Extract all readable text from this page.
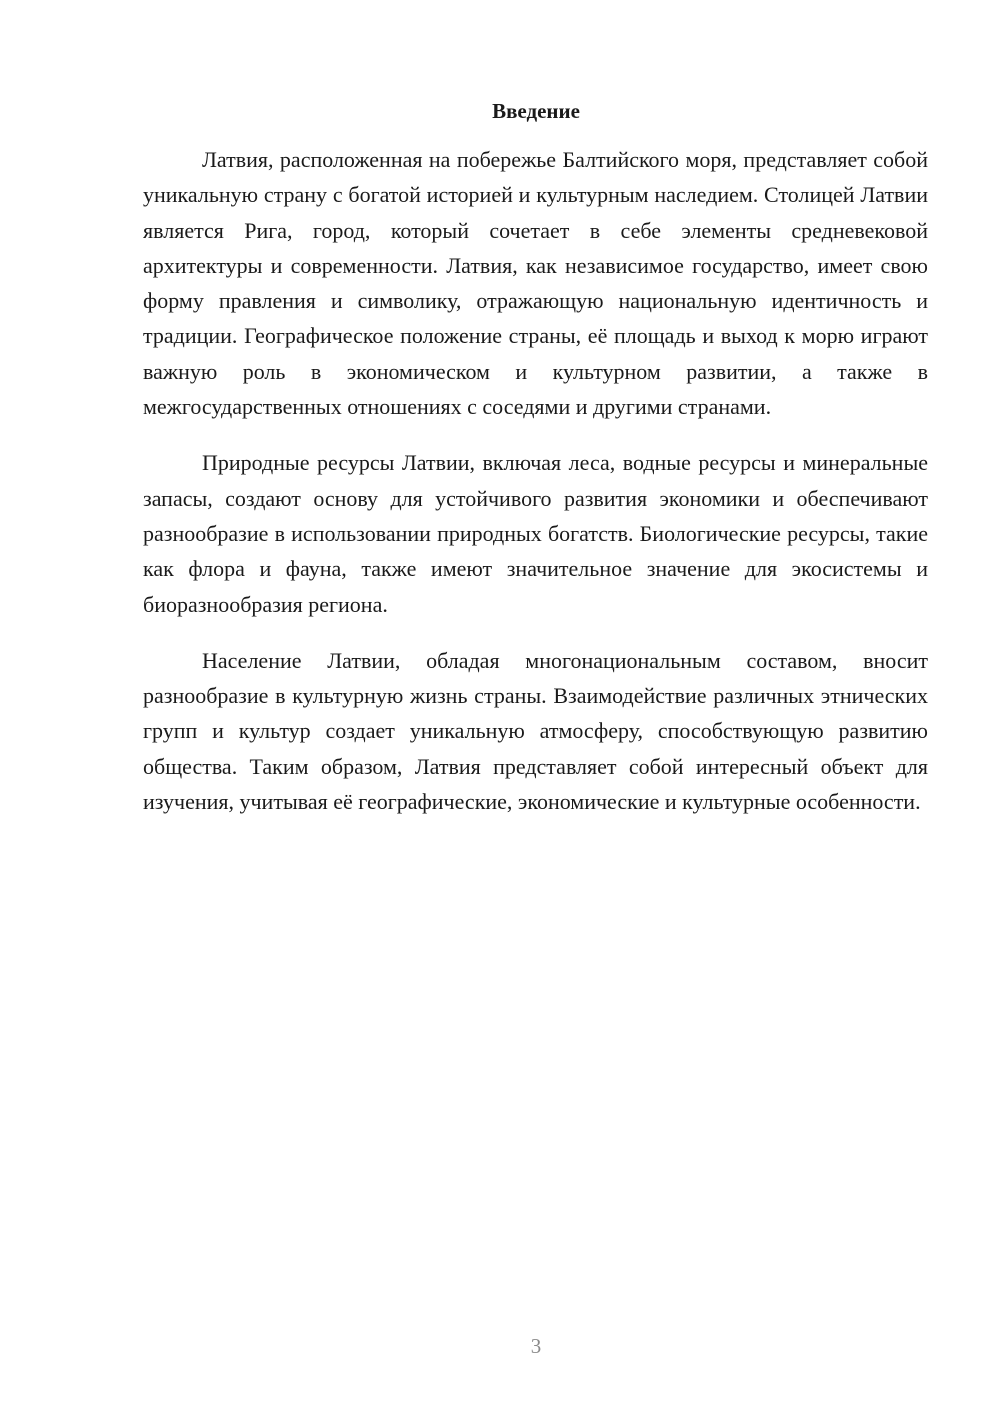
Введение

Латвия, расположенная на побережье Балтийского моря, представляет собой уникальную страну с богатой историей и культурным наследием. Столицей Латвии является Рига, город, который сочетает в себе элементы средневековой архитектуры и современности. Латвия, как независимое государство, имеет свою форму правления и символику, отражающую национальную идентичность и традиции. Географическое положение страны, её площадь и выход к морю играют важную роль в экономическом и культурном развитии, а также в межгосударственных отношениях с соседями и другими странами.

Природные ресурсы Латвии, включая леса, водные ресурсы и минеральные запасы, создают основу для устойчивого развития экономики и обеспечивают разнообразие в использовании природных богатств. Биологические ресурсы, такие как флора и фауна, также имеют значительное значение для экосистемы и биоразнообразия региона.

Население Латвии, обладая многонациональным составом, вносит разнообразие в культурную жизнь страны. Взаимодействие различных этнических групп и культур создает уникальную атмосферу, способствующую развитию общества. Таким образом, Латвия представляет собой интересный объект для изучения, учитывая её географические, экономические и культурные особенности.

3
